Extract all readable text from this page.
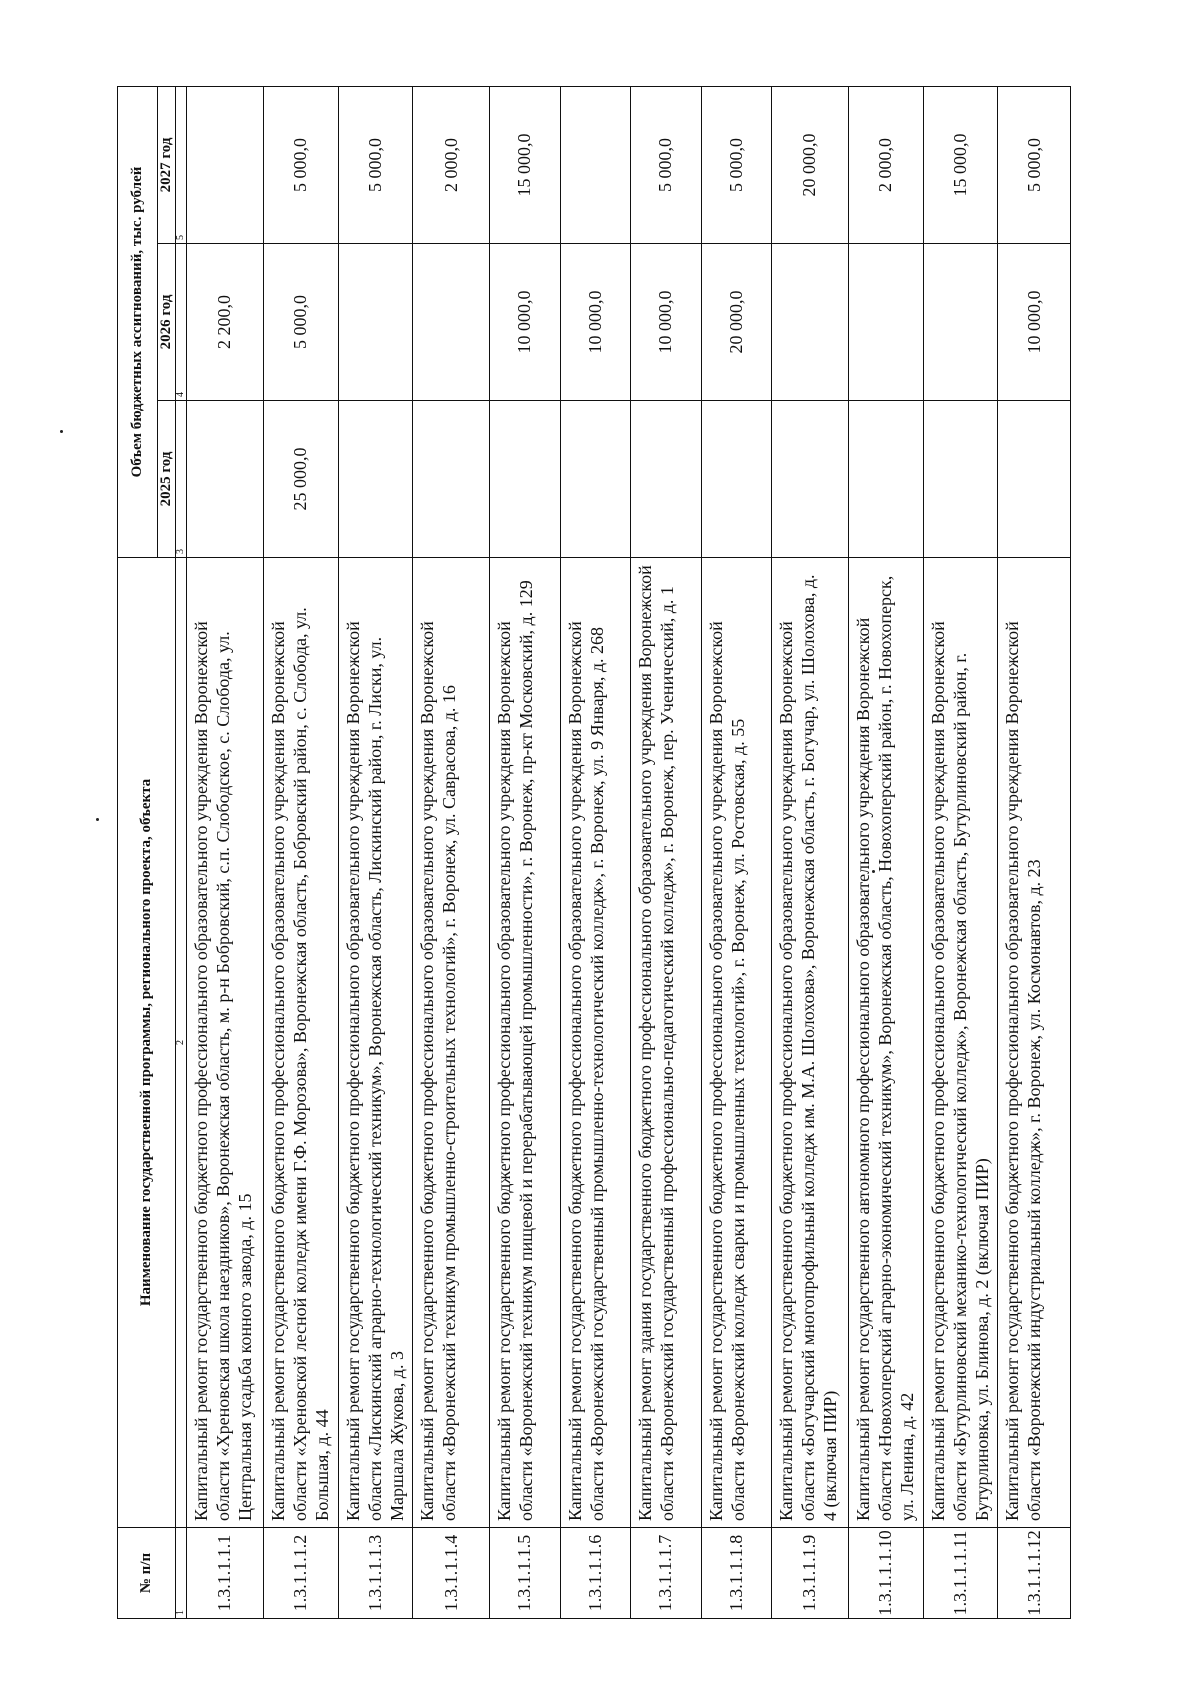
№ п/п	Наименование государственной программы, регионального проекта, объекта	Объем бюджетных ассигнований, тыс. рублей		
		2025 год	2026 год	2027 год
1	2	3	4	5
1.3.1.1.1.1	Капитальный ремонт государственного бюджетного профессионального образовательного учреждения Воронежской области «Хреновская школа наездников», Воронежская область, м. р-н Бобровский, с.п. Слободское, с. Слобода, ул. Центральная усадьба конного завода, д. 15		2 200,0	
1.3.1.1.1.2	Капитальный ремонт государственного бюджетного профессионального образовательного учреждения Воронежской области «Хреновской лесной колледж имени Г.Ф. Морозова», Воронежская область, Бобровский район, с. Слобода, ул. Большая, д. 44	25 000,0	5 000,0	5 000,0
1.3.1.1.1.3	Капитальный ремонт государственного бюджетного профессионального образовательного учреждения Воронежской области «Лискинский аграрно-технологический техникум», Воронежская область, Лискинский район, г. Лиски, ул. Маршала Жукова, д. 3			5 000,0
1.3.1.1.1.4	Капитальный ремонт государственного бюджетного профессионального образовательного учреждения Воронежской области «Воронежский техникум промышленно-строительных технологий», г. Воронеж, ул. Саврасова, д. 16			2 000,0
1.3.1.1.1.5	Капитальный ремонт государственного бюджетного профессионального образовательного учреждения Воронежской области «Воронежский техникум пищевой и перерабатывающей промышленности», г. Воронеж, пр-кт Московский, д. 129		10 000,0	15 000,0
1.3.1.1.1.6	Капитальный ремонт государственного бюджетного профессионального образовательного учреждения Воронежской области «Воронежский государственный промышленно-технологический колледж», г. Воронеж, ул. 9 Января, д. 268		10 000,0	
1.3.1.1.1.7	Капитальный ремонт здания государственного бюджетного профессионального образовательного учреждения Воронежской области «Воронежский государственный профессионально-педагогический колледж», г. Воронеж, пер. Ученический, д. 1		10 000,0	5 000,0
1.3.1.1.1.8	Капитальный ремонт государственного бюджетного профессионального образовательного учреждения Воронежской области «Воронежский колледж сварки и промышленных технологий», г. Воронеж, ул. Ростовская, д. 55		20 000,0	5 000,0
1.3.1.1.1.9	Капитальный ремонт государственного бюджетного профессионального образовательного учреждения Воронежской области «Богучарский многопрофильный колледж им. М.А. Шолохова», Воронежская область, г. Богучар, ул. Шолохова, д. 4 (включая ПИР)			20 000,0
1.3.1.1.1.10	Капитальный ремонт государственного автономного профессионального образовательного учреждения Воронежской области «Новохоперский аграрно-экономический техникум», Воронежская область, Новохоперский район, г. Новохоперск, ул. Ленина, д. 42			2 000,0
1.3.1.1.1.11	Капитальный ремонт государственного бюджетного профессионального образовательного учреждения Воронежской области «Бутурлиновский механико-технологический колледж», Воронежская область, Бутурлиновский район, г. Бутурлиновка, ул. Блинова, д. 2 (включая ПИР)			15 000,0
1.3.1.1.1.12	Капитальный ремонт государственного бюджетного профессионального образовательного учреждения Воронежской области «Воронежский индустриальный колледж», г. Воронеж, ул. Космонавтов, д. 23		10 000,0	5 000,0
